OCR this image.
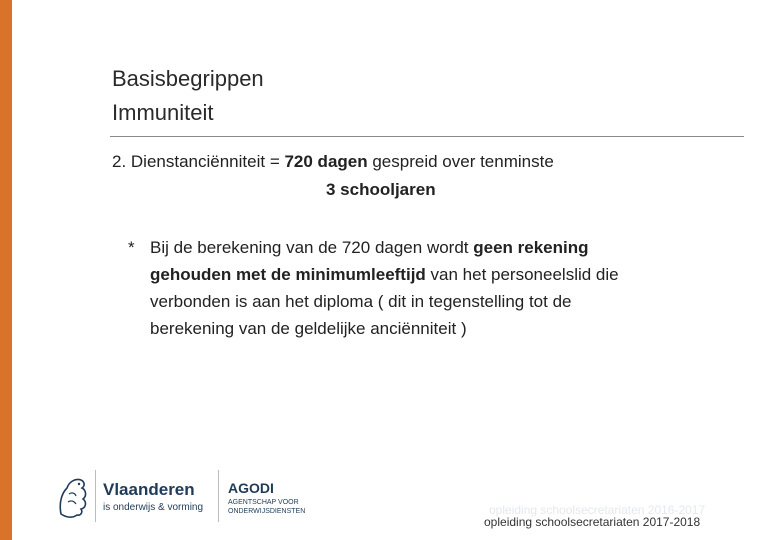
Basisbegrippen
Immuniteit
2. Dienstanciënniteit = 720 dagen gespreid over tenminste
3 schooljaren
* Bij de berekening van de 720 dagen wordt geen rekening gehouden met de minimumleeftijd van het personeelslid die verbonden is aan het diploma ( dit in tegenstelling tot de berekening van de geldelijke anciënniteit )
Vlaanderen
is onderwijs & vorming
AGODI
AGENTSCHAP VOOR ONDERWIJSDIENSTEN	opleiding schoolsecretariaten 2016-2017
opleiding schoolsecretariaten 2017-2018
